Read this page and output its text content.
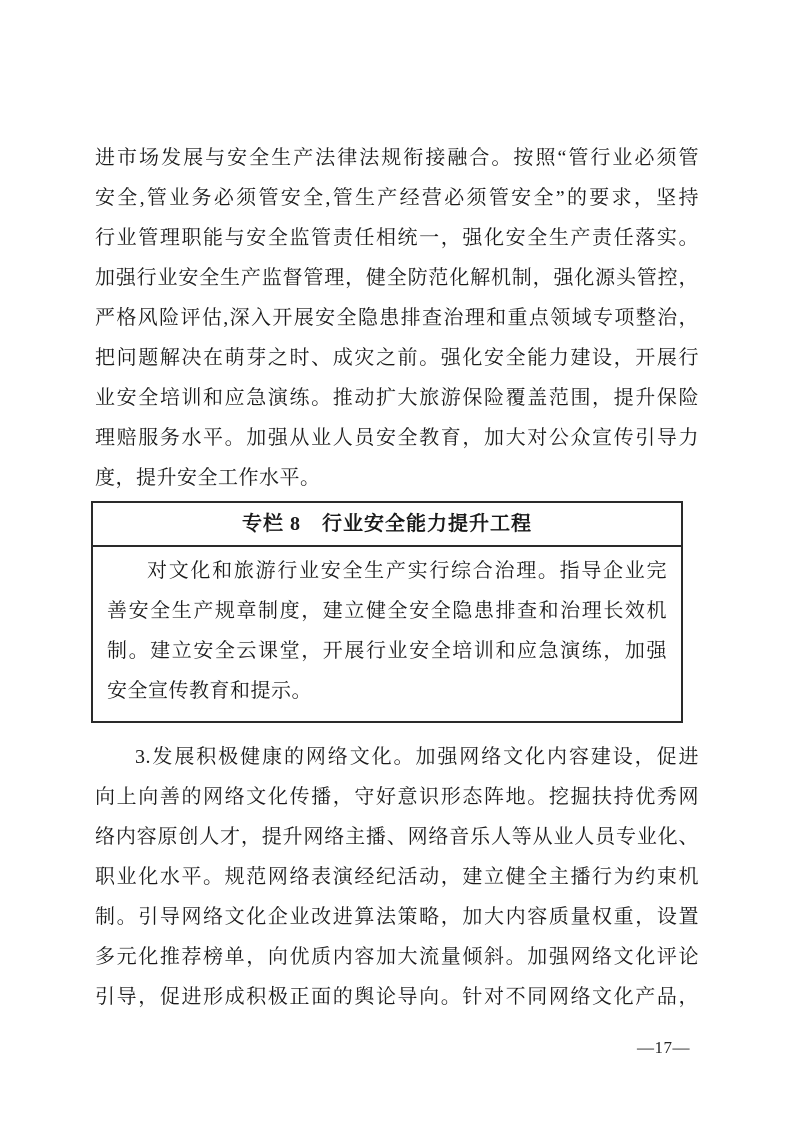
进市场发展与安全生产法律法规衔接融合。按照“管行业必须管
安全,管业务必须管安全,管生产经营必须管安全”的要求，坚持
行业管理职能与安全监管责任相统一，强化安全生产责任落实。
加强行业安全生产监督管理，健全防范化解机制，强化源头管控，
严格风险评估,深入开展安全隐患排查治理和重点领域专项整治，
把问题解决在萌芽之时、成灾之前。强化安全能力建设，开展行
业安全培训和应急演练。推动扩大旅游保险覆盖范围，提升保险
理赔服务水平。加强从业人员安全教育，加大对公众宣传引导力
度，提升安全工作水平。
专栏 8　行业安全能力提升工程
对文化和旅游行业安全生产实行综合治理。指导企业完
善安全生产规章制度，建立健全安全隐患排查和治理长效机
制。建立安全云课堂，开展行业安全培训和应急演练，加强
安全宣传教育和提示。
3.发展积极健康的网络文化。加强网络文化内容建设，促进
向上向善的网络文化传播，守好意识形态阵地。挖掘扶持优秀网
络内容原创人才，提升网络主播、网络音乐人等从业人员专业化、
职业化水平。规范网络表演经纪活动，建立健全主播行为约束机
制。引导网络文化企业改进算法策略，加大内容质量权重，设置
多元化推荐榜单，向优质内容加大流量倾斜。加强网络文化评论
引导，促进形成积极正面的舆论导向。针对不同网络文化产品，
—17—
